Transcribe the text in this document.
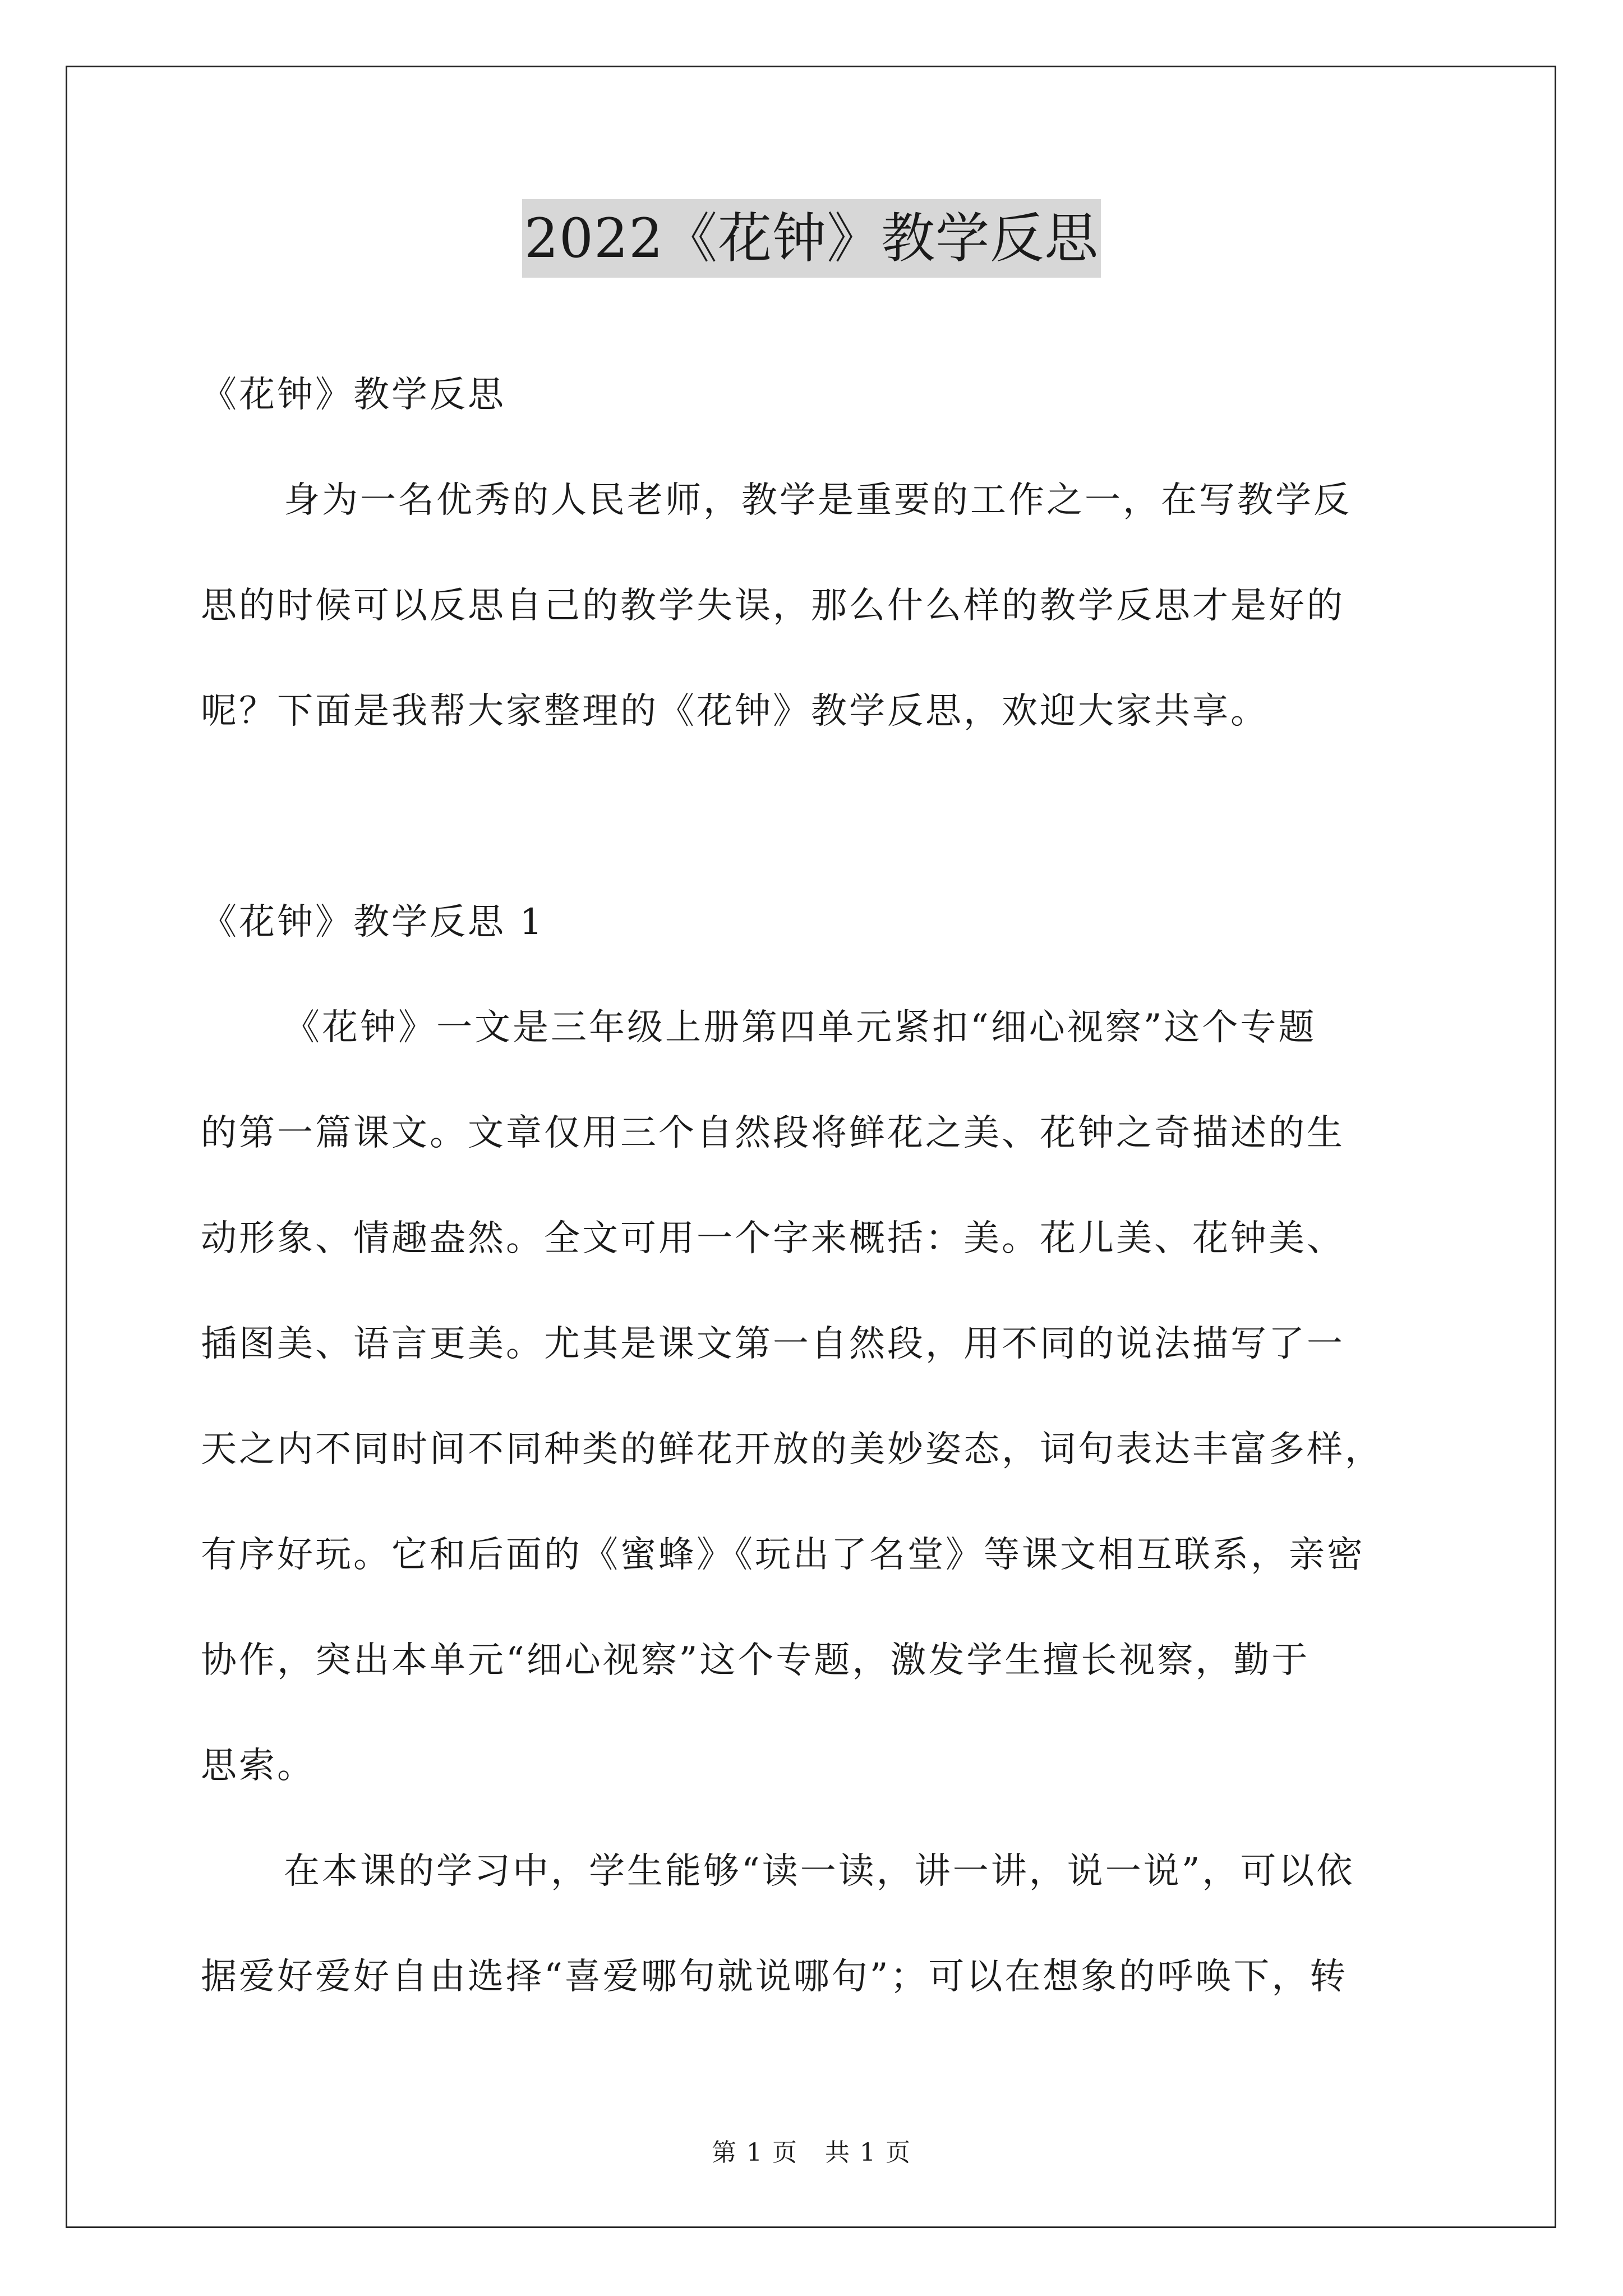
2022《花钟》教学反思
《花钟》教学反思
身为一名优秀的人民老师，教学是重要的工作之一，在写教学反
思的时候可以反思自己的教学失误，那么什么样的教学反思才是好的
呢？下面是我帮大家整理的《花钟》教学反思，欢迎大家共享。
《花钟》教学反思 1
《花钟》一文是三年级上册第四单元紧扣“细心视察”这个专题
的第一篇课文。文章仅用三个自然段将鲜花之美、花钟之奇描述的生
动形象、情趣盎然。全文可用一个字来概括：美。花儿美、花钟美、
插图美、语言更美。尤其是课文第一自然段，用不同的说法描写了一
天之内不同时间不同种类的鲜花开放的美妙姿态，词句表达丰富多样，
有序好玩。它和后面的《蜜蜂》《玩出了名堂》等课文相互联系，亲密
协作，突出本单元“细心视察”这个专题，激发学生擅长视察，勤于
思索。
在本课的学习中，学生能够“读一读，讲一讲，说一说”，可以依
据爱好爱好自由选择“喜爱哪句就说哪句”；可以在想象的呼唤下，转
第 1 页 共 1 页
